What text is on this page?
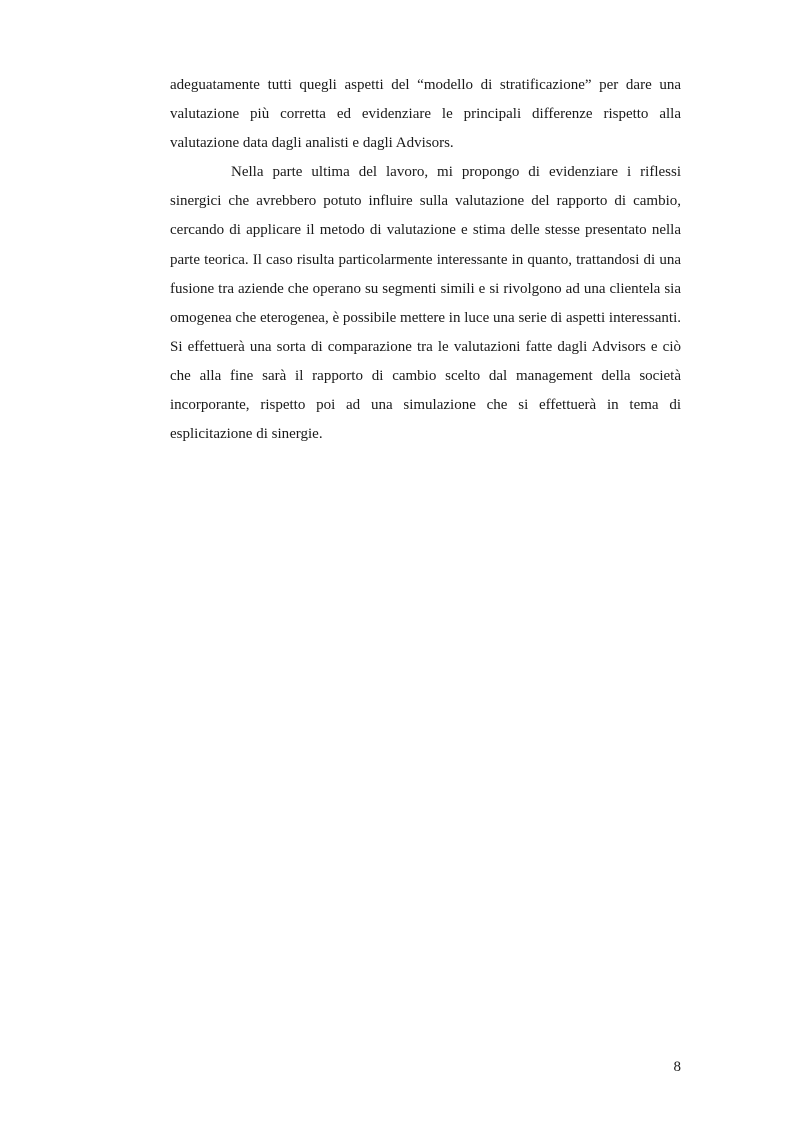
adeguatamente tutti quegli aspetti del “modello di stratificazione” per dare una valutazione più corretta ed evidenziare le principali differenze rispetto alla valutazione data dagli analisti e dagli Advisors.

Nella parte ultima del lavoro, mi propongo di evidenziare i riflessi sinergici che avrebbero potuto influire sulla valutazione del rapporto di cambio, cercando di applicare il metodo di valutazione e stima delle stesse presentato nella parte teorica. Il caso risulta particolarmente interessante in quanto, trattandosi di una fusione tra aziende che operano su segmenti simili e si rivolgono ad una clientela sia omogenea che eterogenea, è possibile mettere in luce una serie di aspetti interessanti. Si effettuerà una sorta di comparazione tra le valutazioni fatte dagli Advisors e ciò che alla fine sarà il rapporto di cambio scelto dal management della società incorporante, rispetto poi ad una simulazione che si effettuerà in tema di esplicitazione di sinergie.

8
